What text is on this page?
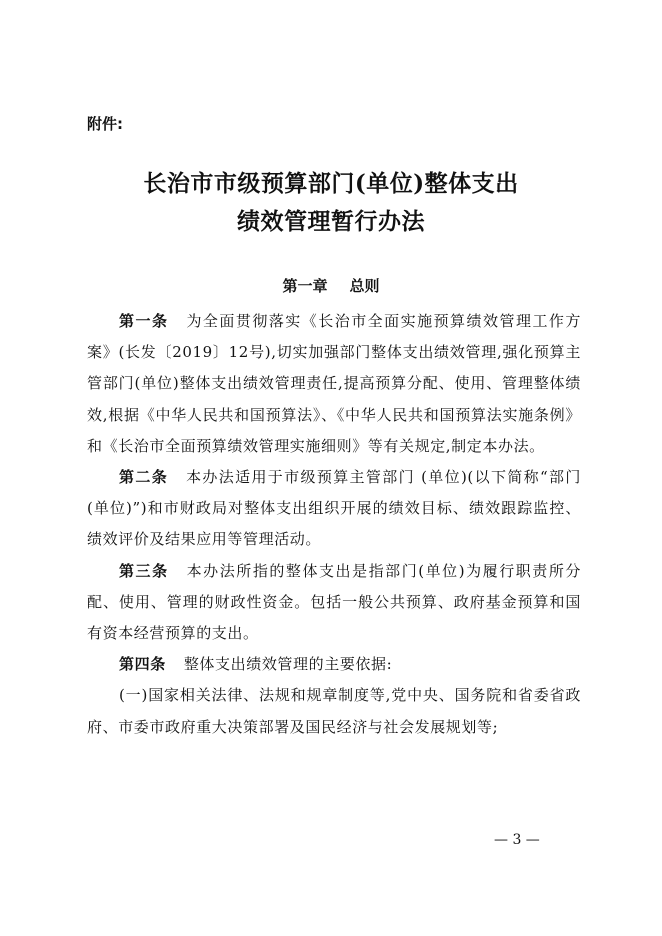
附件:
长治市市级预算部门(单位)整体支出
绩效管理暂行办法
第一章 总则

第一条 为全面贯彻落实《长治市全面实施预算绩效管理工作方案》(长发〔2019〕12号),切实加强部门整体支出绩效管理,强化预算主管部门(单位)整体支出绩效管理责任,提高预算分配、使用、管理整体绩效,根据《中华人民共和国预算法》、《中华人民共和国预算法实施条例》和《长治市全面预算绩效管理实施细则》等有关规定,制定本办法。

第二条 本办法适用于市级预算主管部门 (单位)(以下简称“部门(单位)”)和市财政局对整体支出组织开展的绩效目标、绩效跟踪监控、绩效评价及结果应用等管理活动。

第三条 本办法所指的整体支出是指部门(单位)为履行职责所分配、使用、管理的财政性资金。包括一般公共预算、政府基金预算和国有资本经营预算的支出。

第四条 整体支出绩效管理的主要依据:

(一)国家相关法律、法规和规章制度等,党中央、国务院和省委省政府、市委市政府重大决策部署及国民经济与社会发展规划等;

— 3 —
